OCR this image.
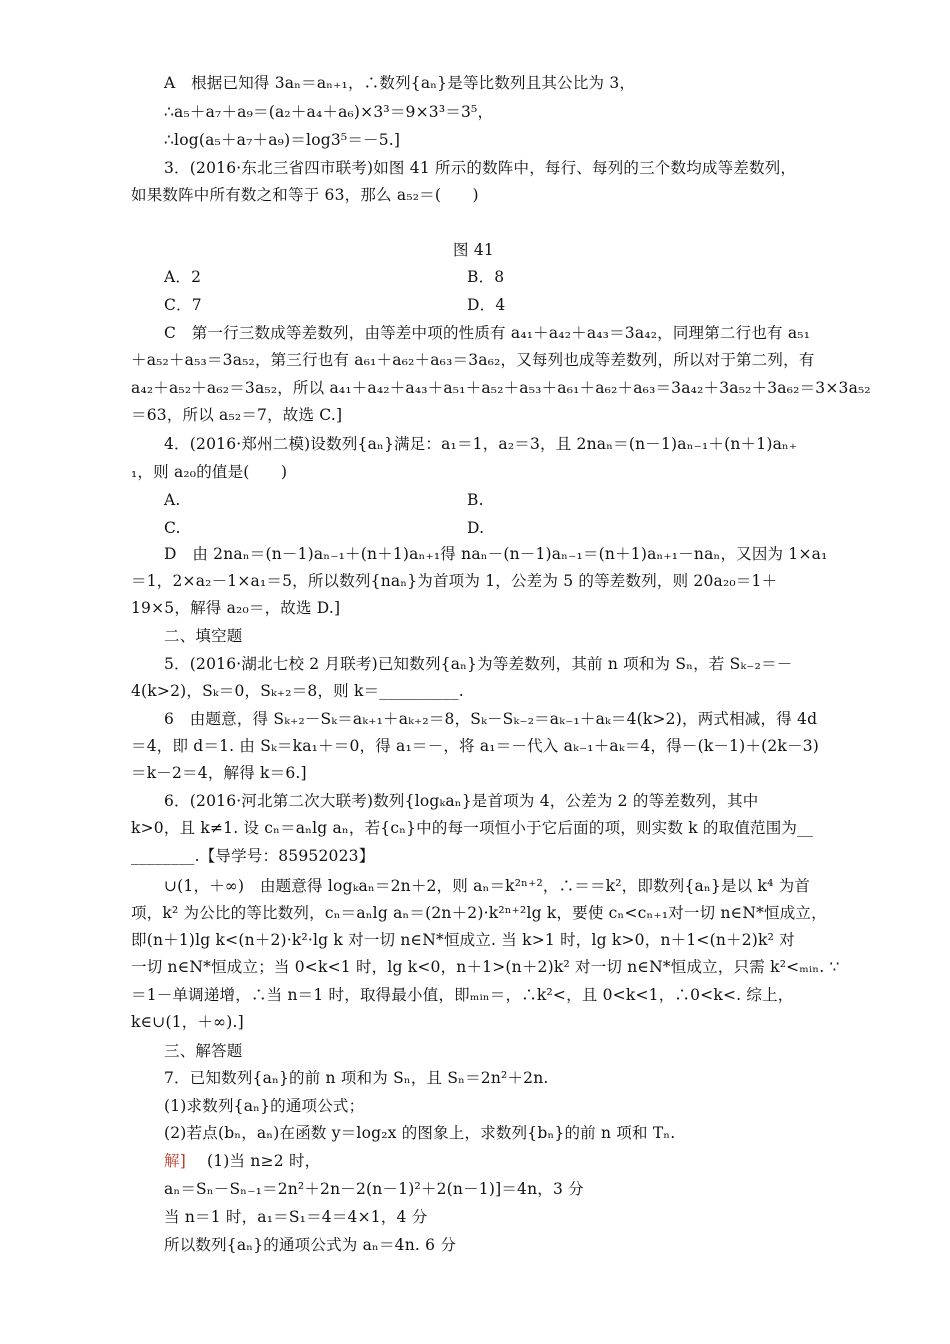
A　根据已知得 3aₙ＝aₙ₊₁，∴数列{aₙ}是等比数列且其公比为 3，
∴a₅＋a₇＋a₉＝(a₂＋a₄＋a₆)×3³＝9×3³＝3⁵，
∴log(a₅＋a₇＋a₉)＝log3⁵＝－5.]
3．(2016·东北三省四市联考)如图 41 所示的数阵中，每行、每列的三个数均成等差数列，
如果数阵中所有数之和等于 63，那么 a₅₂＝(　　)
图 41
A．2	B．8
C．7	D．4
C　第一行三数成等差数列，由等差中项的性质有 a₄₁＋a₄₂＋a₄₃＝3a₄₂，同理第二行也有 a₅₁
＋a₅₂＋a₅₃＝3a₅₂，第三行也有 a₆₁＋a₆₂＋a₆₃＝3a₆₂，又每列也成等差数列，所以对于第二列，有
a₄₂＋a₅₂＋a₆₂＝3a₅₂，所以 a₄₁＋a₄₂＋a₄₃＋a₅₁＋a₅₂＋a₅₃＋a₆₁＋a₆₂＋a₆₃＝3a₄₂＋3a₅₂＋3a₆₂＝3×3a₅₂
＝63，所以 a₅₂＝7，故选 C.]
4．(2016·郑州二模)设数列{aₙ}满足：a₁＝1，a₂＝3，且 2naₙ＝(n－1)aₙ₋₁＋(n＋1)aₙ₊
₁，则 a₂₀的值是(　　)
A.	B.
C.	D.
D　由 2naₙ＝(n－1)aₙ₋₁＋(n＋1)aₙ₊₁得 naₙ－(n－1)aₙ₋₁＝(n＋1)aₙ₊₁－naₙ，又因为 1×a₁
＝1，2×a₂－1×a₁＝5，所以数列{naₙ}为首项为 1，公差为 5 的等差数列，则 20a₂₀＝1＋
19×5，解得 a₂₀＝，故选 D.]
二、填空题
5．(2016·湖北七校 2 月联考)已知数列{aₙ}为等差数列，其前 n 项和为 Sₙ，若 Sₖ₋₂＝－
4(k>2)，Sₖ＝0，Sₖ₊₂＝8，则 k＝__________.
6　由题意，得 Sₖ₊₂－Sₖ＝aₖ₊₁＋aₖ₊₂＝8，Sₖ－Sₖ₋₂＝aₖ₋₁＋aₖ＝4(k>2)，两式相减，得 4d
＝4，即 d＝1. 由 Sₖ＝ka₁＋＝0，得 a₁＝－，将 a₁＝－代入 aₖ₋₁＋aₖ＝4，得－(k－1)＋(2k－3)
＝k－2＝4，解得 k＝6.]
6．(2016·河北第二次大联考)数列{logₖaₙ}是首项为 4，公差为 2 的等差数列，其中
k>0，且 k≠1. 设 cₙ＝aₙlg aₙ，若{cₙ}中的每一项恒小于它后面的项，则实数 k 的取值范围为__
________.【导学号：85952023】
∪(1，＋∞)　由题意得 logₖaₙ＝2n＋2，则 aₙ＝k²ⁿ⁺²，∴＝＝k²，即数列{aₙ}是以 k⁴ 为首
项，k² 为公比的等比数列，cₙ＝aₙlg aₙ＝(2n＋2)·k²ⁿ⁺²lg k，要使 cₙ<cₙ₊₁对一切 n∈N*恒成立，
即(n＋1)lg k<(n＋2)·k²·lg k 对一切 n∈N*恒成立. 当 k>1 时，lg k>0，n＋1<(n＋2)k² 对
一切 n∈N*恒成立；当 0<k<1 时，lg k<0，n＋1>(n＋2)k² 对一切 n∈N*恒成立，只需 k²<ₘᵢₙ. ∵
＝1－单调递增，∴当 n＝1 时，取得最小值，即ₘᵢₙ＝，∴k²<，且 0<k<1，∴0<k<. 综上，
k∈∪(1，＋∞).]
三、解答题
7．已知数列{aₙ}的前 n 项和为 Sₙ，且 Sₙ＝2n²＋2n.
(1)求数列{aₙ}的通项公式；
(2)若点(bₙ，aₙ)在函数 y＝log₂x 的图象上，求数列{bₙ}的前 n 项和 Tₙ.
解] (1)当 n≥2 时，
aₙ＝Sₙ－Sₙ₋₁＝2n²＋2n－2(n－1)²＋2(n－1)]＝4n，3 分
当 n＝1 时，a₁＝S₁＝4＝4×1，4 分
所以数列{aₙ}的通项公式为 aₙ＝4n. 6 分
